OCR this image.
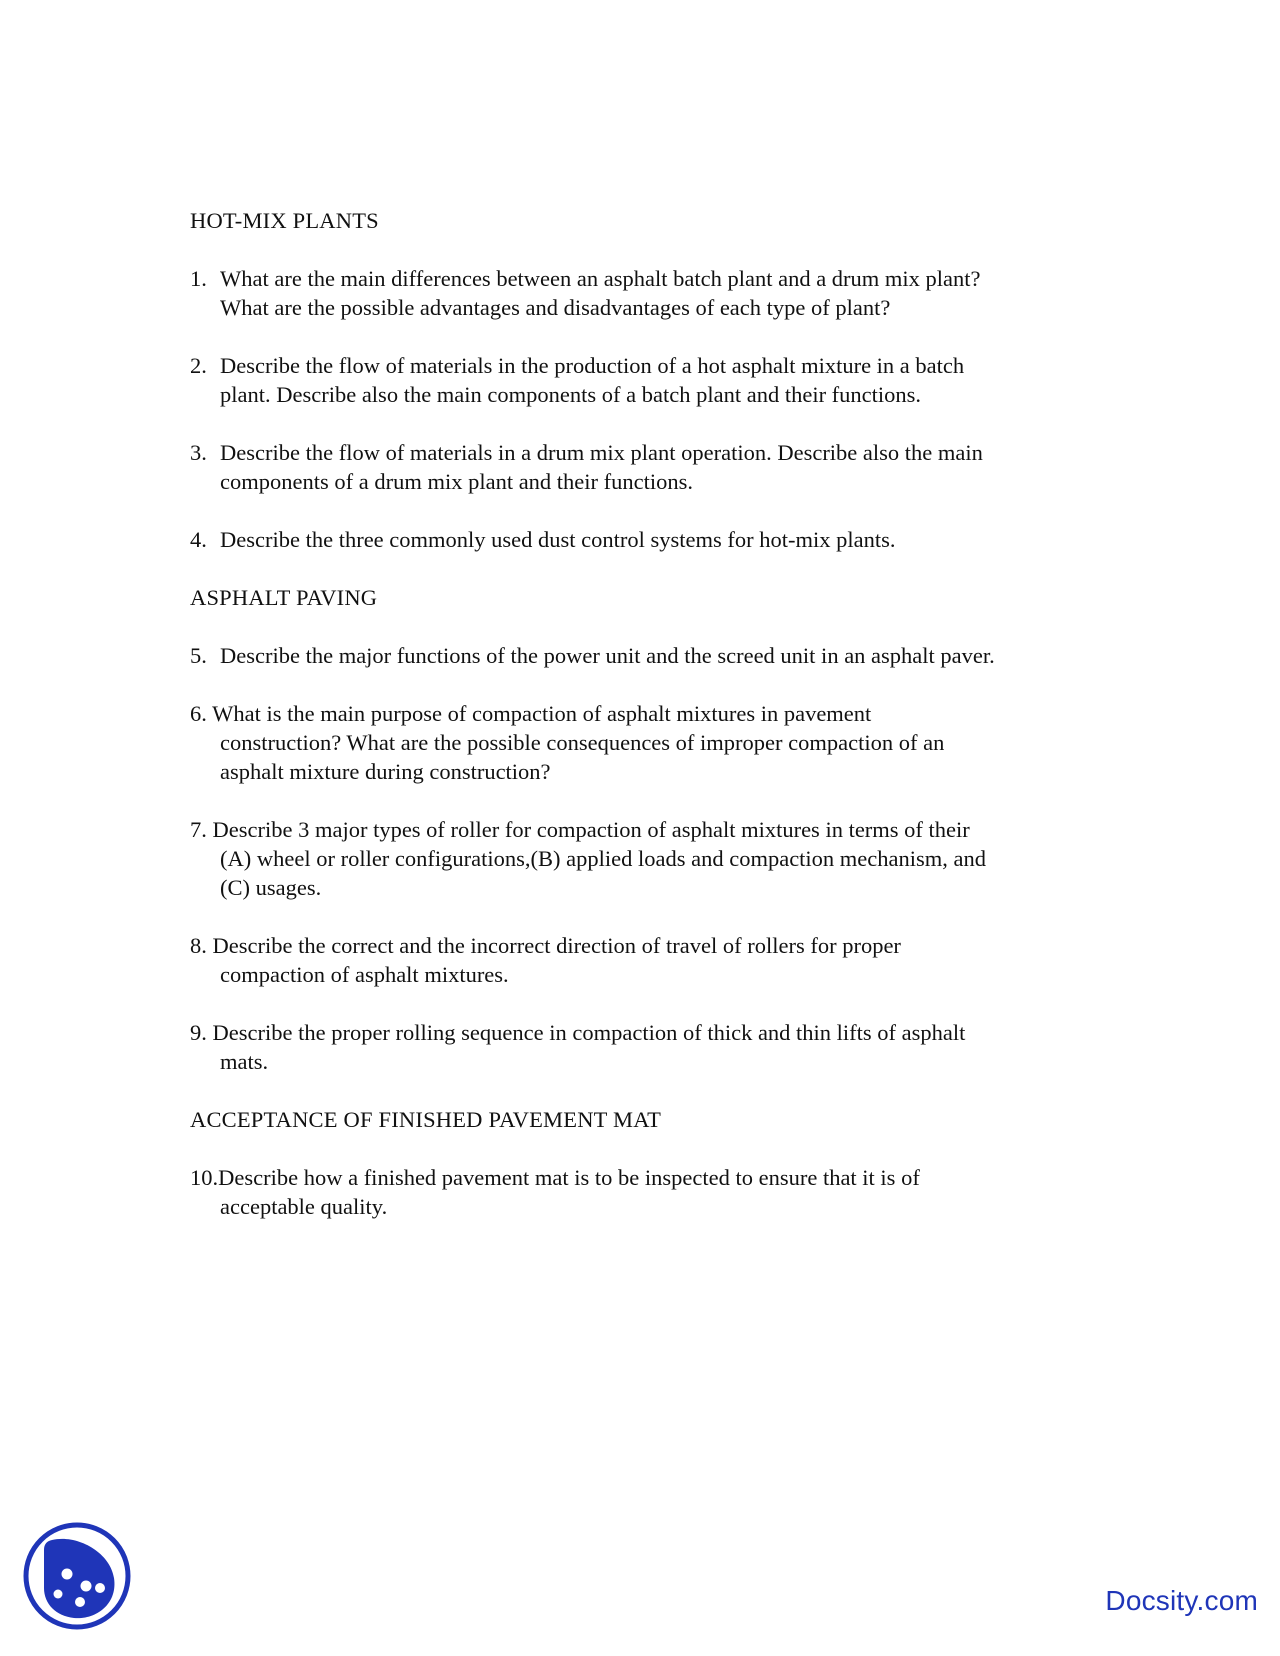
HOT-MIX PLANTS
1. What are the main differences between an asphalt batch plant and a drum mix plant?
What are the possible advantages and disadvantages of each type of plant?
2. Describe the flow of materials in the production of a hot asphalt mixture in a batch
plant. Describe also the main components of a batch plant and their functions.
3. Describe the flow of materials in a drum mix plant operation. Describe also the main
components of a drum mix plant and their functions.
4. Describe the three commonly used dust control systems for hot-mix plants.
ASPHALT PAVING
5. Describe the major functions of the power unit and the screed unit in an asphalt paver.
6. What is the main purpose of compaction of asphalt mixtures in pavement
construction? What are the possible consequences of improper compaction of an
asphalt mixture during construction?
7. Describe 3 major types of roller for compaction of asphalt mixtures in terms of their
(A) wheel or roller configurations,(B) applied loads and compaction mechanism, and
(C) usages.
8. Describe the correct and the incorrect direction of travel of rollers for proper
compaction of asphalt mixtures.
9. Describe the proper rolling sequence in compaction of thick and thin lifts of asphalt
mats.
ACCEPTANCE OF FINISHED PAVEMENT MAT
10.Describe how a finished pavement mat is to be inspected to ensure that it is of
acceptable quality.
Docsity.com
